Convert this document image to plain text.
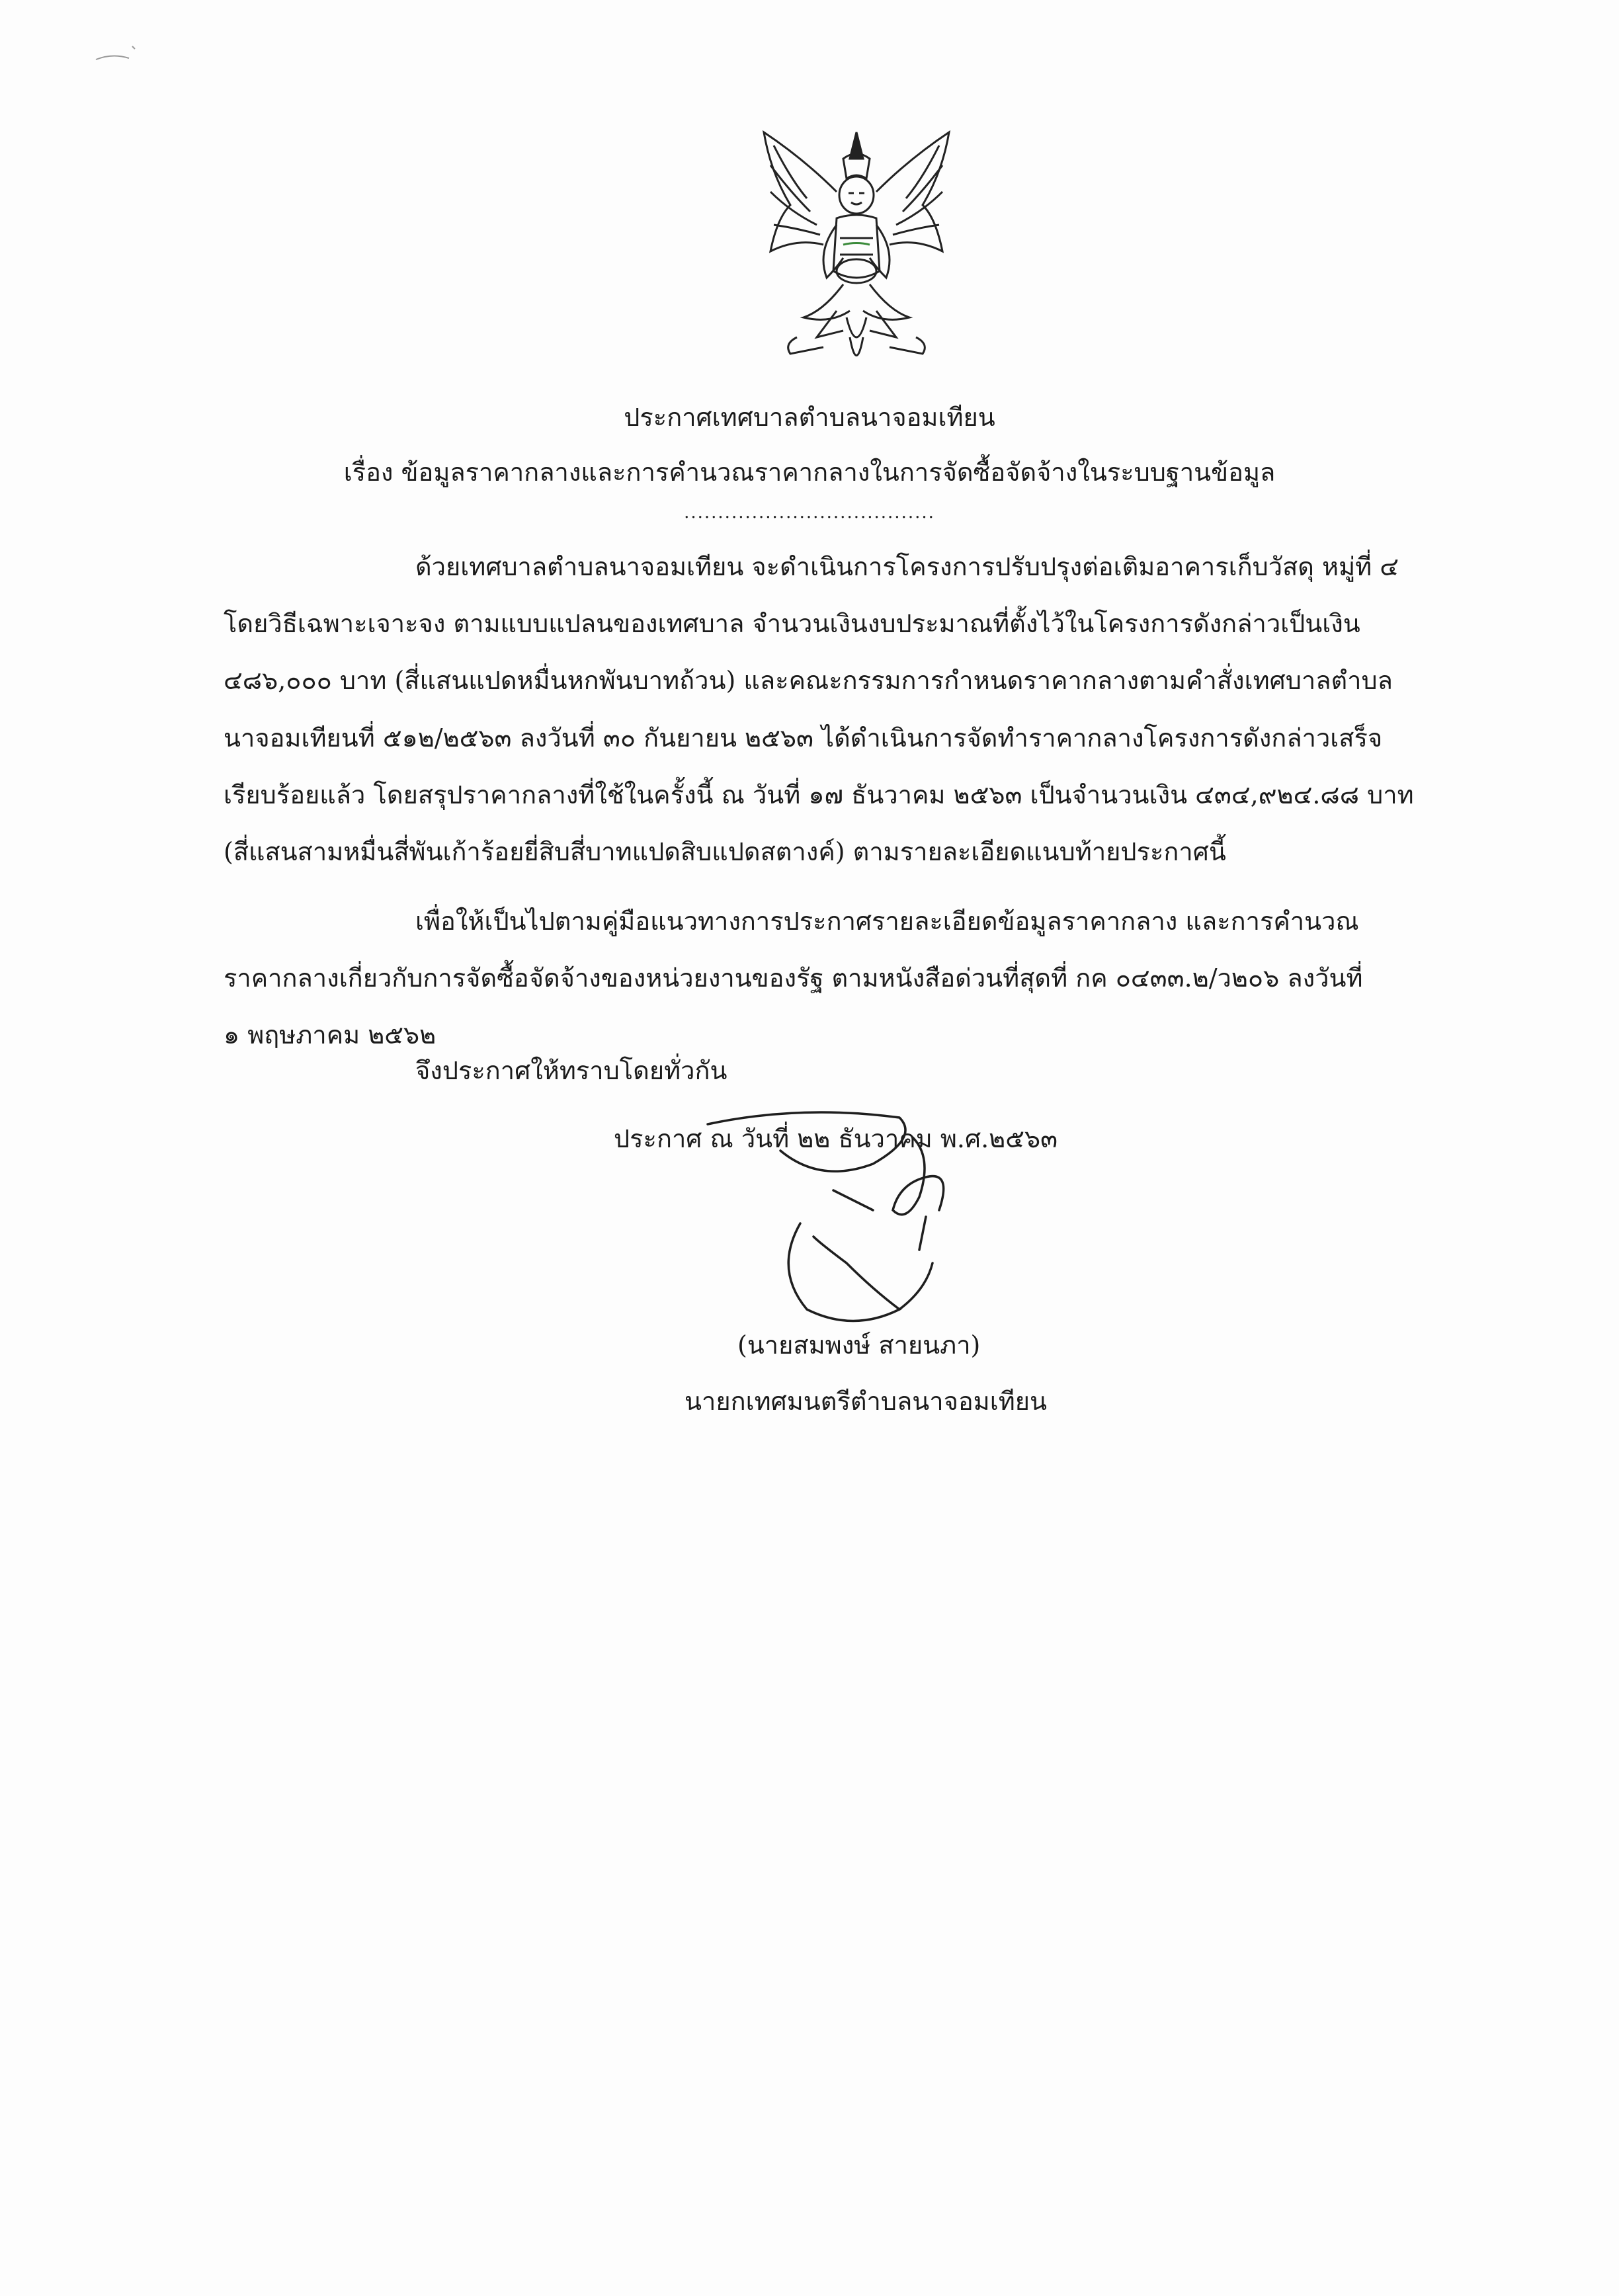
ประกาศเทศบาลตำบลนาจอมเทียน
เรื่อง ข้อมูลราคากลางและการคำนวณราคากลางในการจัดซื้อจัดจ้างในระบบฐานข้อมูล
.....................................
ด้วยเทศบาลตำบลนาจอมเทียน จะดำเนินการโครงการปรับปรุงต่อเติมอาคารเก็บวัสดุ หมู่ที่ ๔
โดยวิธีเฉพาะเจาะจง ตามแบบแปลนของเทศบาล จำนวนเงินงบประมาณที่ตั้งไว้ในโครงการดังกล่าวเป็นเงิน
๔๘๖,๐๐๐ บาท (สี่แสนแปดหมื่นหกพันบาทถ้วน) และคณะกรรมการกำหนดราคากลางตามคำสั่งเทศบาลตำบล
นาจอมเทียนที่ ๕๑๒/๒๕๖๓ ลงวันที่ ๓๐ กันยายน ๒๕๖๓ ได้ดำเนินการจัดทำราคากลางโครงการดังกล่าวเสร็จ
เรียบร้อยแล้ว โดยสรุปราคากลางที่ใช้ในครั้งนี้ ณ วันที่ ๑๗ ธันวาคม ๒๕๖๓ เป็นจำนวนเงิน ๔๓๔,๙๒๔.๘๘ บาท
(สี่แสนสามหมื่นสี่พันเก้าร้อยยี่สิบสี่บาทแปดสิบแปดสตางค์) ตามรายละเอียดแนบท้ายประกาศนี้
เพื่อให้เป็นไปตามคู่มือแนวทางการประกาศรายละเอียดข้อมูลราคากลาง และการคำนวณ
ราคากลางเกี่ยวกับการจัดซื้อจัดจ้างของหน่วยงานของรัฐ ตามหนังสือด่วนที่สุดที่ กค ๐๔๓๓.๒/ว๒๐๖ ลงวันที่
๑ พฤษภาคม ๒๕๖๒
จึงประกาศให้ทราบโดยทั่วกัน
ประกาศ ณ วันที่ ๒๒ ธันวาคม พ.ศ.๒๕๖๓
(นายสมพงษ์ สายนภา)
นายกเทศมนตรีตำบลนาจอมเทียน
